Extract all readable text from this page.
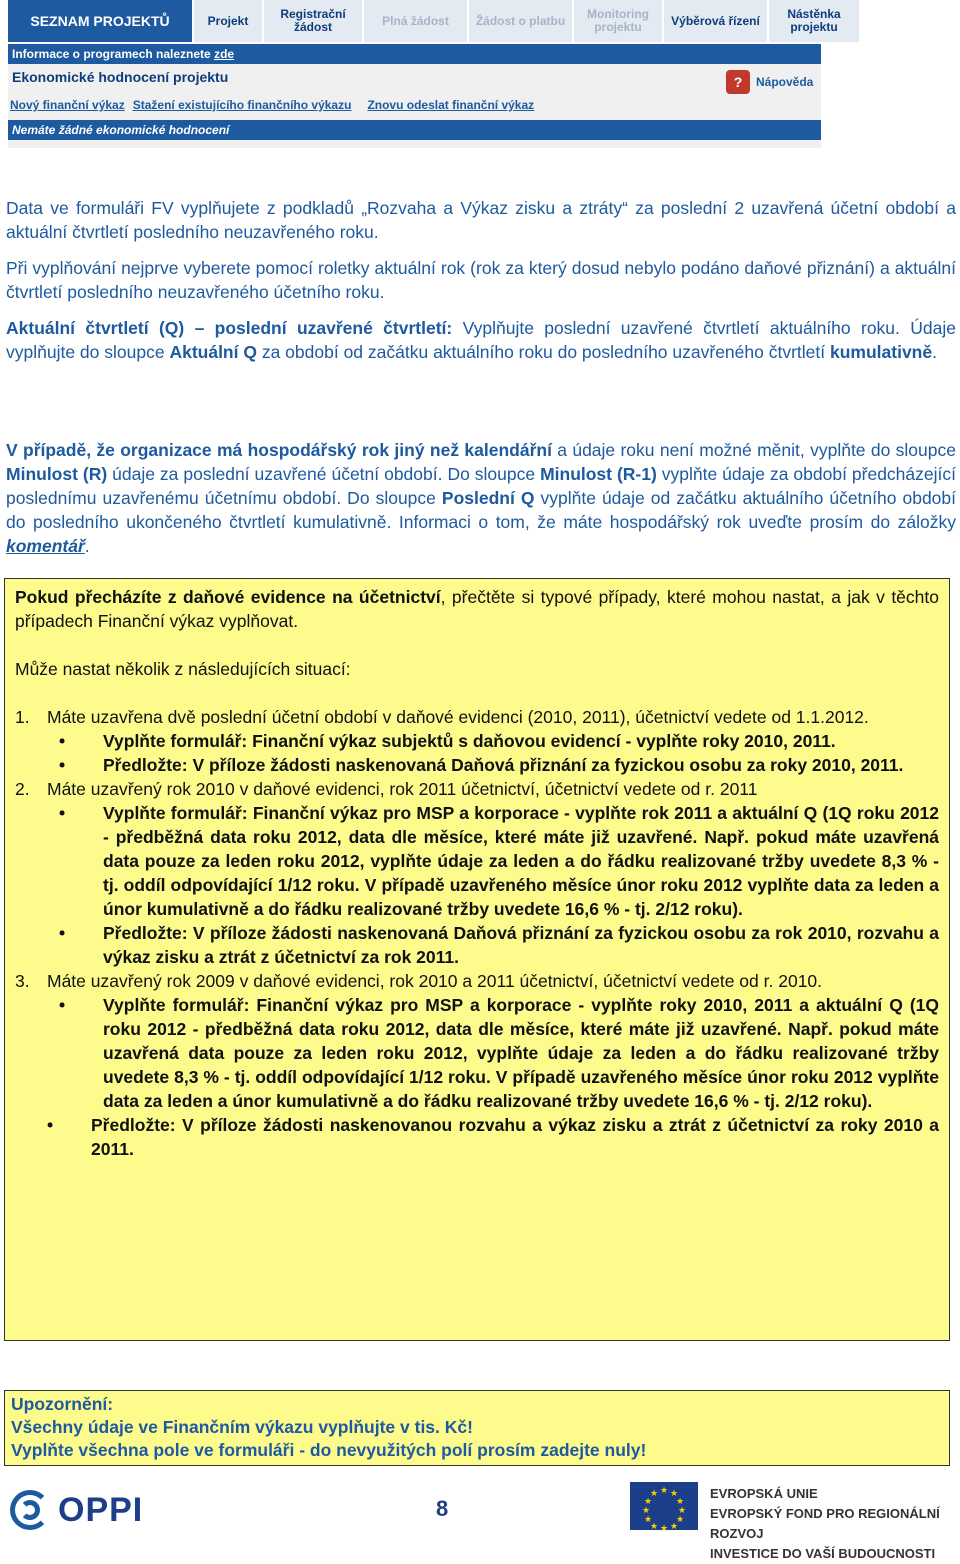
SEZNAM PROJEKTŮ	Projekt	Registrační žádost	Plná žádost	Žádost o platbu	Monitoring projektu	Výběrová řízení	Nástěnka projektu
Informace o programech naleznete zde
Ekonomické hodnocení projektu	?	Nápověda
Nový finanční výkaz Stažení existujícího finančního výkazu Znovu odeslat finanční výkaz
Nemáte žádné ekonomické hodnocení
Data ve formuláři FV vyplňujete z podkladů „Rozvaha a Výkaz zisku a ztráty“ za poslední 2 uzavřená účetní období a aktuální čtvrtletí posledního neuzavřeného roku.
Při vyplňování nejprve vyberete pomocí roletky aktuální rok (rok za který dosud nebylo podáno daňové přiznání) a aktuální čtvrtletí posledního neuzavřeného účetního roku.
Aktuální čtvrtletí (Q) – poslední uzavřené čtvrtletí: Vyplňujte poslední uzavřené čtvrtletí aktuálního roku. Údaje vyplňujte do sloupce Aktuální Q za období od začátku aktuálního roku do posledního uzavřeného čtvrtletí kumulativně.
V případě, že organizace má hospodářský rok jiný než kalendářní a údaje roku není možné měnit, vyplňte do sloupce Minulost (R) údaje za poslední uzavřené účetní období. Do sloupce Minulost (R-1) vyplňte údaje za období předcházející poslednímu uzavřenému účetnímu období. Do sloupce Poslední Q vyplňte údaje od začátku aktuálního účetního období do posledního ukončeného čtvrtletí kumulativně. Informaci o tom, že máte hospodářský rok uveďte prosím do záložky komentář.

Pokud přecházíte z daňové evidence na účetnictví, přečtěte si typové případy, které mohou nastat, a jak v těchto případech Finanční výkaz vyplňovat.

Může nastat několik z následujících situací:

1. Máte uzavřena dvě poslední účetní období v daňové evidenci (2010, 2011), účetnictví vedete od 1.1.2012.
•	Vyplňte formulář: Finanční výkaz subjektů s daňovou evidencí - vyplňte roky 2010, 2011.
•	Předložte: V příloze žádosti naskenovaná Daňová přiznání za fyzickou osobu za roky 2010, 2011.
2. Máte uzavřený rok 2010 v daňové evidenci, rok 2011 účetnictví, účetnictví vedete od r. 2011
•	Vyplňte formulář: Finanční výkaz pro MSP a korporace - vyplňte rok 2011 a aktuální Q (1Q roku 2012 - předběžná data roku 2012, data dle měsíce, které máte již uzavřené. Např. pokud máte uzavřená data pouze za leden roku 2012, vyplňte údaje za leden a do řádku realizované tržby uvedete 8,3 % - tj. oddíl odpovídající 1/12 roku. V případě uzavřeného měsíce únor roku 2012 vyplňte data za leden a únor kumulativně a do řádku realizované tržby uvedete 16,6 % - tj. 2/12 roku).
•	Předložte: V příloze žádosti naskenovaná Daňová přiznání za fyzickou osobu za rok 2010, rozvahu a výkaz zisku a ztrát z účetnictví za rok 2011.
3. Máte uzavřený rok 2009 v daňové evidenci, rok 2010 a 2011 účetnictví, účetnictví vedete od r. 2010.
•	Vyplňte formulář: Finanční výkaz pro MSP a korporace - vyplňte roky 2010, 2011 a aktuální Q (1Q roku 2012 - předběžná data roku 2012, data dle měsíce, které máte již uzavřené. Např. pokud máte uzavřená data pouze za leden roku 2012, vyplňte údaje za leden a do řádku realizované tržby uvedete 8,3 % - tj. oddíl odpovídající 1/12 roku. V případě uzavřeného měsíce únor roku 2012 vyplňte data za leden a únor kumulativně a do řádku realizované tržby uvedete 16,6 % - tj. 2/12 roku).
•	Předložte: V příloze žádosti naskenovanou rozvahu a výkaz zisku a ztrát z účetnictví za roky 2010 a 2011.
Upozornění:
Všechny údaje ve Finančním výkazu vyplňujte v tis. Kč!
Vyplňte všechna pole ve formuláři - do nevyužitých polí prosím zadejte nuly!
OPPI	8
★ ★
★
★
★
★
★
★
★
★
★
★	EVROPSKÁ UNIE
EVROPSKÝ FOND PRO REGIONÁLNÍ ROZVOJ
INVESTICE DO VAŠÍ BUDOUCNOSTI
